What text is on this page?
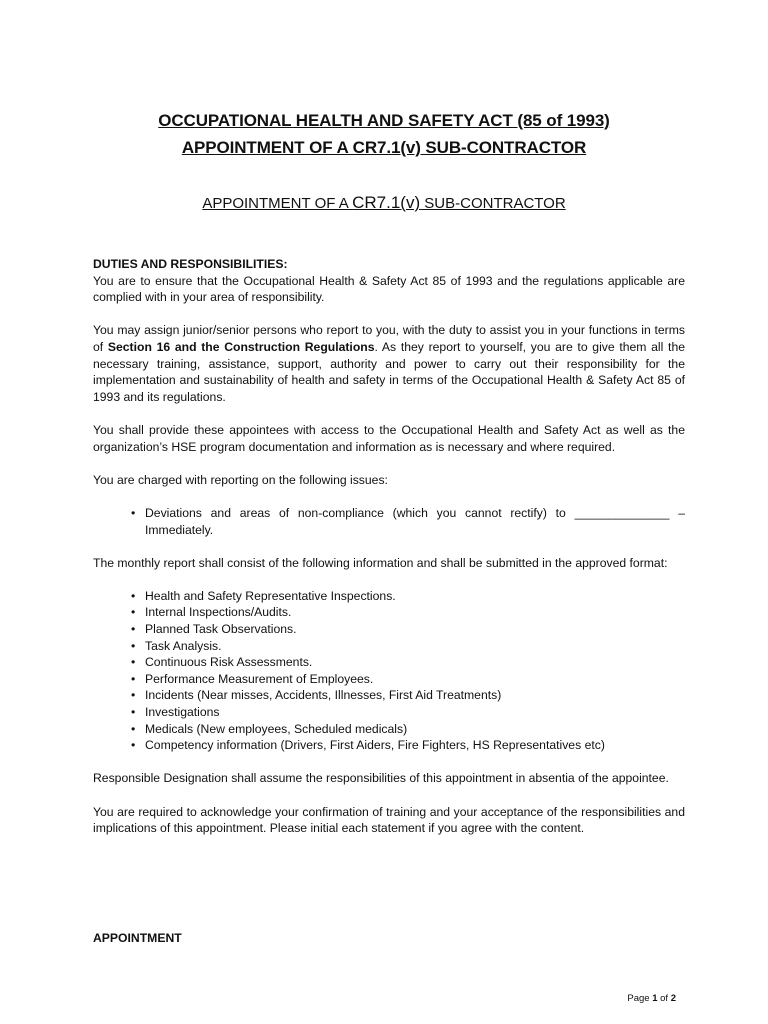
OCCUPATIONAL HEALTH AND SAFETY ACT (85 of 1993)
APPOINTMENT OF A CR7.1(v) SUB-CONTRACTOR
APPOINTMENT OF A CR7.1(v) SUB-CONTRACTOR
DUTIES AND RESPONSIBILITIES:

You are to ensure that the Occupational Health & Safety Act 85 of 1993 and the regulations applicable are complied with in your area of responsibility.

You may assign junior/senior persons who report to you, with the duty to assist you in your functions in terms of Section 16 and the Construction Regulations. As they report to yourself, you are to give them all the necessary training, assistance, support, authority and power to carry out their responsibility for the implementation and sustainability of health and safety in terms of the Occupational Health & Safety Act 85 of 1993 and its regulations.

You shall provide these appointees with access to the Occupational Health and Safety Act as well as the organization’s HSE program documentation and information as is necessary and where required.

You are charged with reporting on the following issues:

• Deviations and areas of non-compliance (which you cannot rectify) to ______________ – Immediately.

The monthly report shall consist of the following information and shall be submitted in the approved format:

• Health and Safety Representative Inspections.
• Internal Inspections/Audits.
• Planned Task Observations.
• Task Analysis.
• Continuous Risk Assessments.
• Performance Measurement of Employees.
• Incidents (Near misses, Accidents, Illnesses, First Aid Treatments)
• Investigations
• Medicals (New employees, Scheduled medicals)
• Competency information (Drivers, First Aiders, Fire Fighters, HS Representatives etc)

Responsible Designation shall assume the responsibilities of this appointment in absentia of the appointee.

You are required to acknowledge your confirmation of training and your acceptance of the responsibilities and implications of this appointment. Please initial each statement if you agree with the content.

APPOINTMENT
Page 1 of 2
